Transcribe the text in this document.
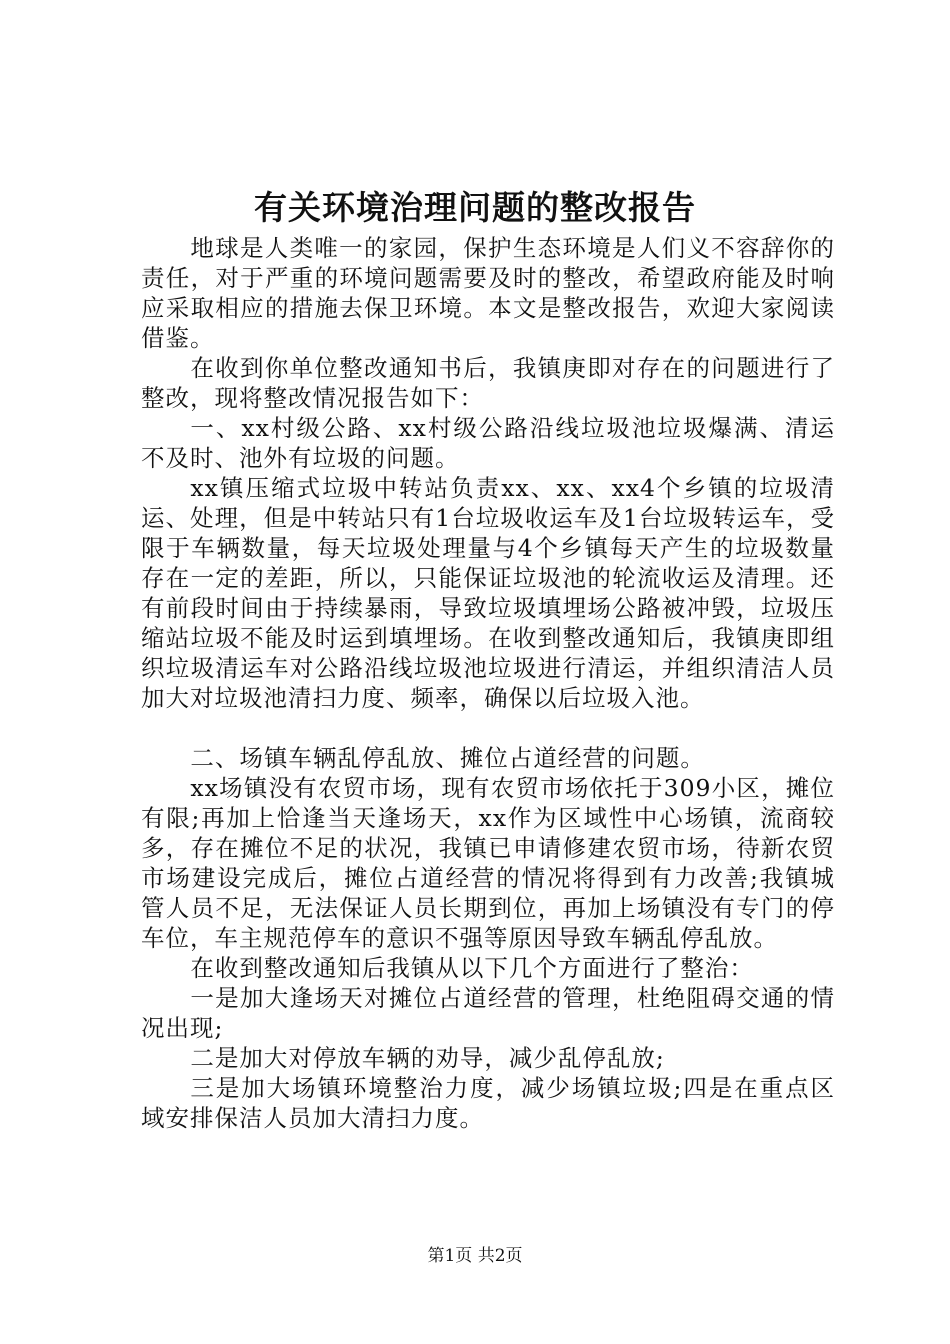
有关环境治理问题的整改报告

地球是人类唯一的家园，保护生态环境是人们义不容辞你的责任，对于严重的环境问题需要及时的整改，希望政府能及时响应采取相应的措施去保卫环境。本文是整改报告，欢迎大家阅读借鉴。

在收到你单位整改通知书后，我镇庚即对存在的问题进行了整改，现将整改情况报告如下：

一、xx村级公路、xx村级公路沿线垃圾池垃圾爆满、清运不及时、池外有垃圾的问题。

xx镇压缩式垃圾中转站负责xx、xx、xx4个乡镇的垃圾清运、处理，但是中转站只有1台垃圾收运车及1台垃圾转运车，受限于车辆数量，每天垃圾处理量与4个乡镇每天产生的垃圾数量存在一定的差距，所以，只能保证垃圾池的轮流收运及清理。还有前段时间由于持续暴雨，导致垃圾填埋场公路被冲毁，垃圾压缩站垃圾不能及时运到填埋场。在收到整改通知后，我镇庚即组织垃圾清运车对公路沿线垃圾池垃圾进行清运，并组织清洁人员加大对垃圾池清扫力度、频率，确保以后垃圾入池。

二、场镇车辆乱停乱放、摊位占道经营的问题。

xx场镇没有农贸市场，现有农贸市场依托于309小区，摊位有限;再加上恰逢当天逢场天，xx作为区域性中心场镇，流商较多，存在摊位不足的状况，我镇已申请修建农贸市场，待新农贸市场建设完成后，摊位占道经营的情况将得到有力改善;我镇城管人员不足，无法保证人员长期到位，再加上场镇没有专门的停车位，车主规范停车的意识不强等原因导致车辆乱停乱放。

在收到整改通知后我镇从以下几个方面进行了整治：

一是加大逢场天对摊位占道经营的管理，杜绝阻碍交通的情况出现;

二是加大对停放车辆的劝导，减少乱停乱放;

三是加大场镇环境整治力度，减少场镇垃圾;四是在重点区域安排保洁人员加大清扫力度。

第1页 共2页
